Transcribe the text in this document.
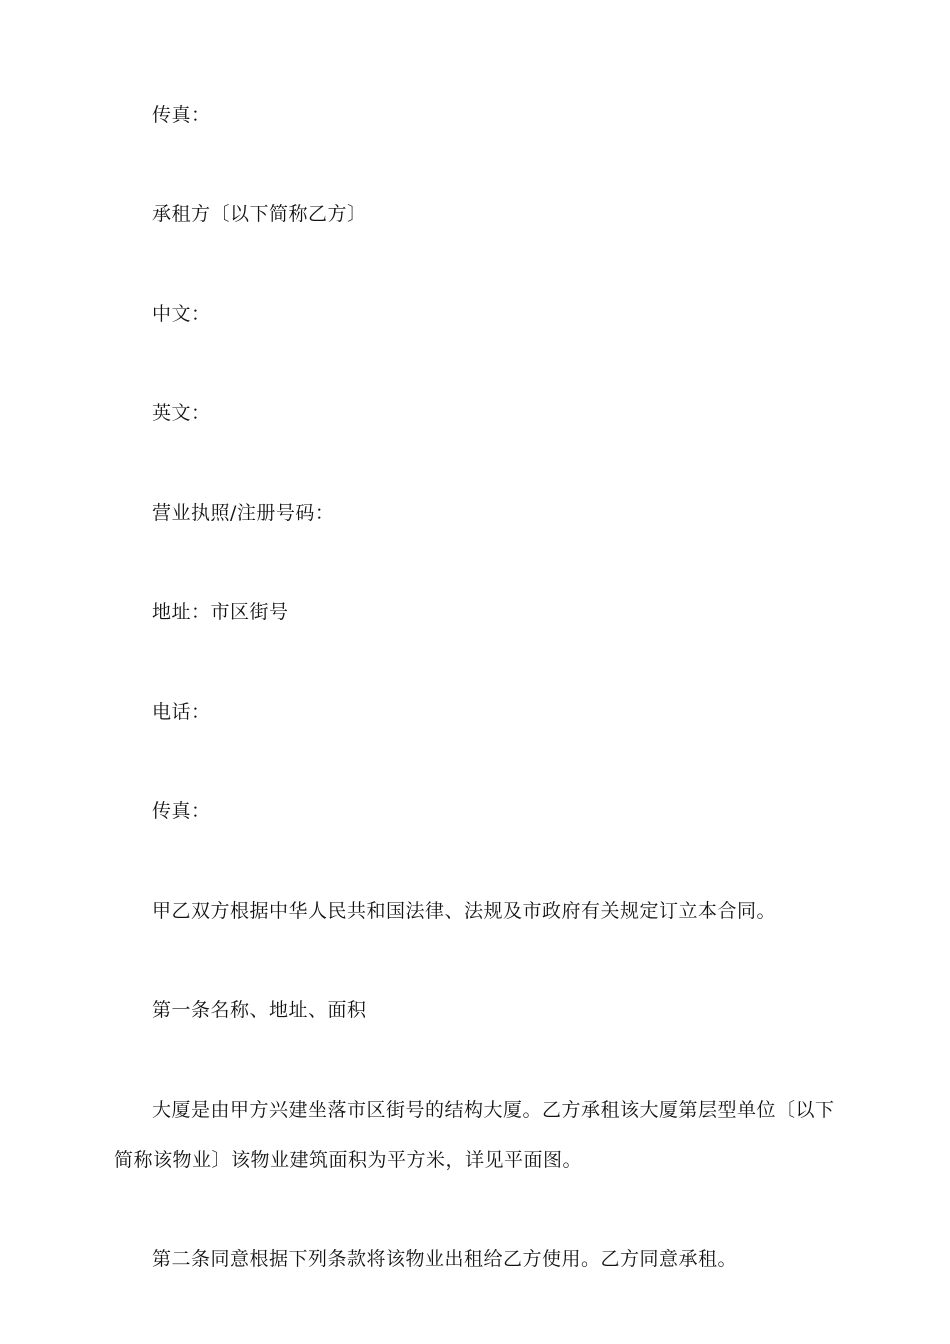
传真：
承租方〔以下简称乙方〕
中文：
英文：
营业执照/注册号码：
地址：市区街号
电话：
传真：
甲乙双方根据中华人民共和国法律、法规及市政府有关规定订立本合同。
第一条名称、地址、面积
大厦是由甲方兴建坐落市区街号的结构大厦。乙方承租该大厦第层型单位〔以下
简称该物业〕该物业建筑面积为平方米，详见平面图。
第二条同意根据下列条款将该物业出租给乙方使用。乙方同意承租。
